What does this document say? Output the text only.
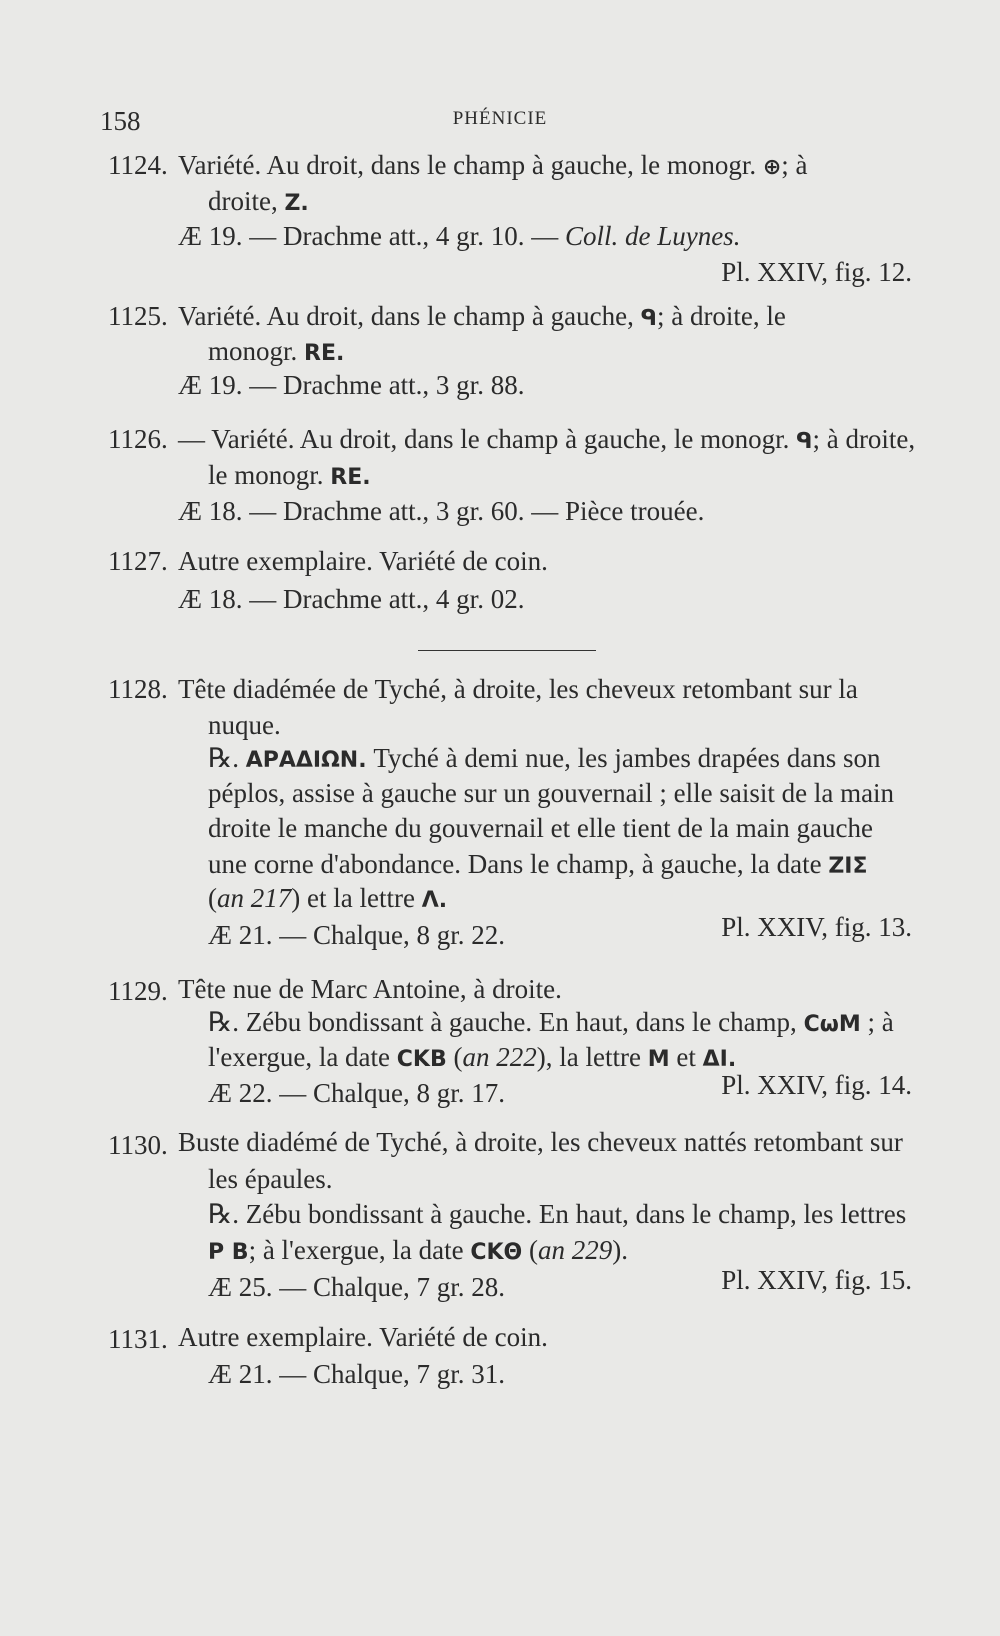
158	PHÉNICIE
1124. Variété. Au droit, dans le champ à gauche, le monogr. ⊕; à
droite, Z.
Æ 19. — Drachme att., 4 gr. 10. — Coll. de Luynes.
Pl. XXIV, fig. 12.
1125. Variété. Au droit, dans le champ à gauche, ᑫ; à droite, le
monogr. RE.
Æ 19. — Drachme att., 3 gr. 88.
1126. — Variété. Au droit, dans le champ à gauche, le monogr. ᑫ; à droite,
le monogr. RE.
Æ 18. — Drachme att., 3 gr. 60. — Pièce trouée.
1127. Autre exemplaire. Variété de coin.
Æ 18. — Drachme att., 4 gr. 02.
1128. Tête diadémée de Tyché, à droite, les cheveux retombant sur la
nuque.
℞. ΑΡΑΔΙΩΝ. Tyché à demi nue, les jambes drapées dans son
péplos, assise à gauche sur un gouvernail ; elle saisit de la main
droite le manche du gouvernail et elle tient de la main gauche
une corne d'abondance. Dans le champ, à gauche, la date ΖΙΣ
(an 217) et la lettre Λ.
Æ 21. — Chalque, 8 gr. 22.	Pl. XXIV, fig. 13.
1129. Tête nue de Marc Antoine, à droite.
℞. Zébu bondissant à gauche. En haut, dans le champ, CωM ; à
l'exergue, la date CKB (an 222), la lettre M et ΔΙ.
Æ 22. — Chalque, 8 gr. 17.	Pl. XXIV, fig. 14.
1130. Buste diadémé de Tyché, à droite, les cheveux nattés retombant sur
les épaules.
℞. Zébu bondissant à gauche. En haut, dans le champ, les lettres
Ρ B; à l'exergue, la date CKΘ (an 229).
Æ 25. — Chalque, 7 gr. 28.	Pl. XXIV, fig. 15.
1131. Autre exemplaire. Variété de coin.
Æ 21. — Chalque, 7 gr. 31.
